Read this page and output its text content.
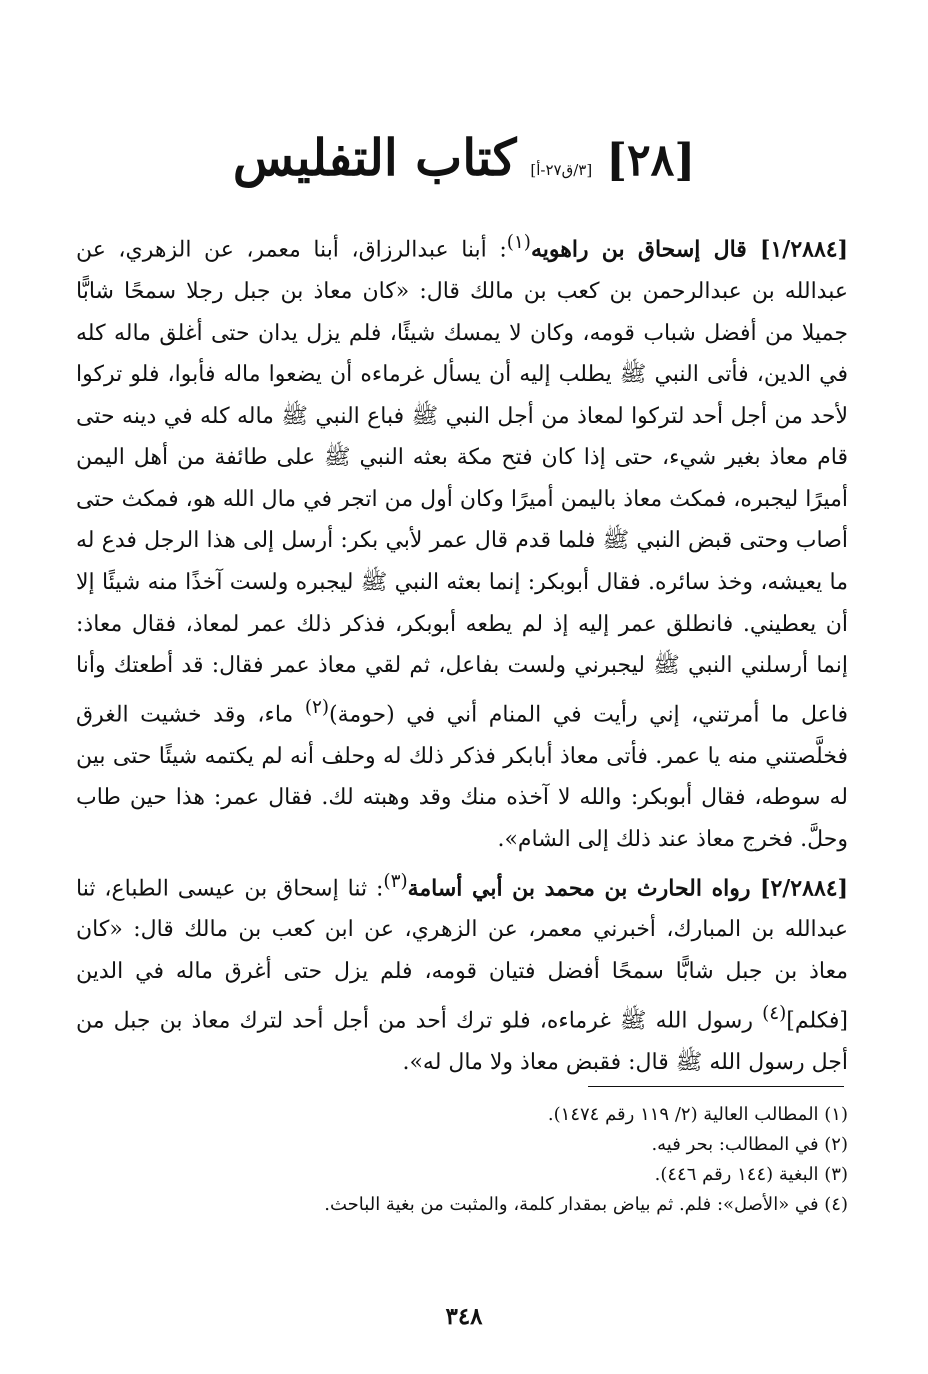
[٢٨]
[٣/ق٢٧-أ]
كتاب التفليس

[١/٢٨٨٤] قال إسحاق بن راهويه$^{(١)}$: أبنا عبدالرزاق، أبنا معمر، عن الزهري، عن عبدالله بن عبدالرحمن بن كعب بن مالك قال: «كان معاذ بن جبل رجلا سمحًا شابًّا جميلا من أفضل شباب قومه، وكان لا يمسك شيئًا، فلم يزل يدان حتى أغلق ماله كله في الدين، فأتى النبي ﷺ يطلب إليه أن يسأل غرماءه أن يضعوا ماله فأبوا، فلو تركوا لأحد من أجل أحد لتركوا لمعاذ من أجل النبي ﷺ فباع النبي ﷺ ماله كله في دينه حتى قام معاذ بغير شيء، حتى إذا كان فتح مكة بعثه النبي ﷺ على طائفة من أهل اليمن أميرًا ليجبره، فمكث معاذ باليمن أميرًا وكان أول من اتجر في مال الله هو، فمكث حتى أصاب وحتى قبض النبي ﷺ فلما قدم قال عمر لأبي بكر: أرسل إلى هذا الرجل فدع له ما يعيشه، وخذ سائره. فقال أبوبكر: إنما بعثه النبي ﷺ ليجبره ولست آخذًا منه شيئًا إلا أن يعطيني. فانطلق عمر إليه إذ لم يطعه أبوبكر، فذكر ذلك عمر لمعاذ، فقال معاذ: إنما أرسلني النبي ﷺ ليجبرني ولست بفاعل، ثم لقي معاذ عمر فقال: قد أطعتك وأنا فاعل ما أمرتني، إني رأيت في المنام أني في (حومة)$^{(٢)}$ ماء، وقد خشيت الغرق فخلَّصتني منه يا عمر. فأتى معاذ أبابكر فذكر ذلك له وحلف أنه لم يكتمه شيئًا حتى بين له سوطه، فقال أبوبكر: والله لا آخذه منك وقد وهبته لك. فقال عمر: هذا حين طاب وحلَّ. فخرج معاذ عند ذلك إلى الشام».

[٢/٢٨٨٤] رواه الحارث بن محمد بن أبي أسامة$^{(٣)}$: ثنا إسحاق بن عيسى الطباع، ثنا عبدالله بن المبارك، أخبرني معمر، عن الزهري، عن ابن كعب بن مالك قال: «كان معاذ بن جبل شابًّا سمحًا أفضل فتيان قومه، فلم يزل حتى أغرق ماله في الدين [فكلم]$^{(٤)}$ رسول الله ﷺ غرماءه، فلو ترك أحد من أجل أحد لترك معاذ بن جبل من أجل رسول الله ﷺ قال: فقبض معاذ ولا مال له».

(١) المطالب العالية (٢/ ١١٩ رقم ١٤٧٤).

(٢) في المطالب: بحر فيه.

(٣) البغية (١٤٤ رقم ٤٤٦).

(٤) في «الأصل»: فلم. ثم بياض بمقدار كلمة، والمثبت من بغية الباحث.

٣٤٨
